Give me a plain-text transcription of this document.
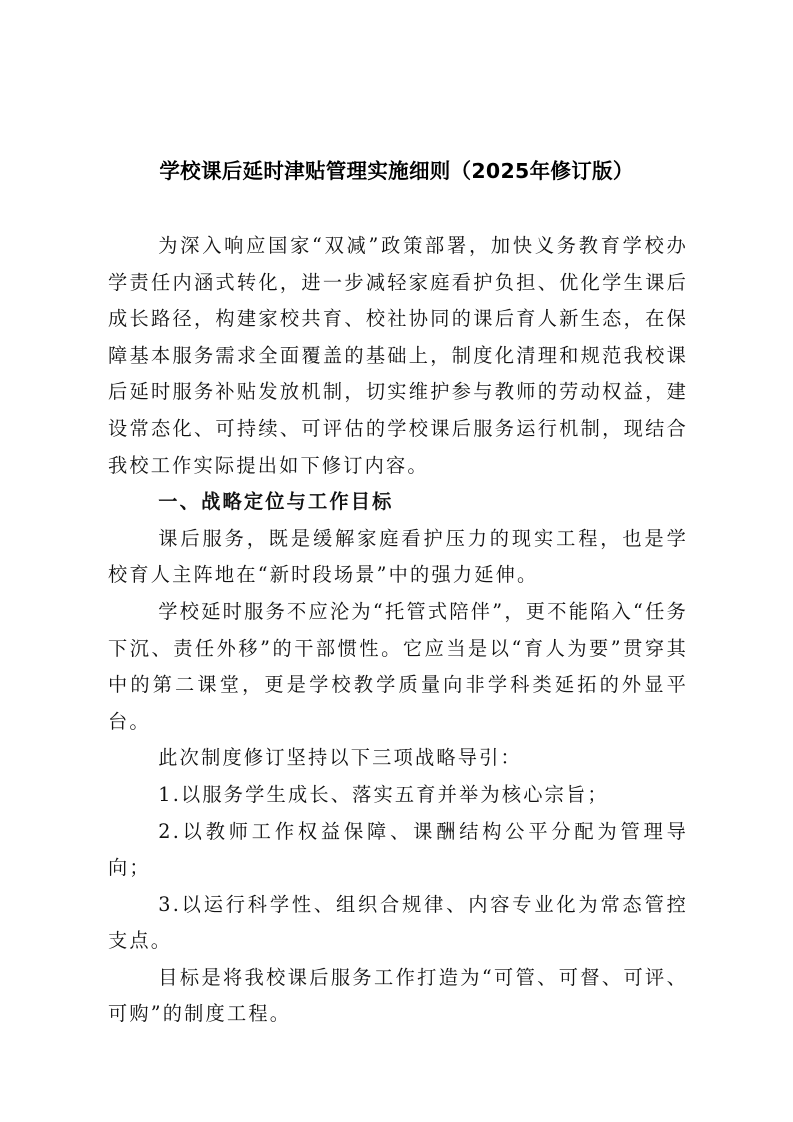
学校课后延时津贴管理实施细则（2025年修订版）

为深入响应国家“双减”政策部署，加快义务教育学校办学责任内涵式转化，进一步减轻家庭看护负担、优化学生课后成长路径，构建家校共育、校社协同的课后育人新生态，在保障基本服务需求全面覆盖的基础上，制度化清理和规范我校课后延时服务补贴发放机制，切实维护参与教师的劳动权益，建设常态化、可持续、可评估的学校课后服务运行机制，现结合我校工作实际提出如下修订内容。

一、战略定位与工作目标

课后服务，既是缓解家庭看护压力的现实工程，也是学校育人主阵地在“新时段场景”中的强力延伸。

学校延时服务不应沦为“托管式陪伴”，更不能陷入“任务下沉、责任外移”的干部惯性。它应当是以“育人为要”贯穿其中的第二课堂，更是学校教学质量向非学科类延拓的外显平台。

此次制度修订坚持以下三项战略导引：

1.以服务学生成长、落实五育并举为核心宗旨；

2.以教师工作权益保障、课酬结构公平分配为管理导向；

3.以运行科学性、组织合规律、内容专业化为常态管控支点。

目标是将我校课后服务工作打造为“可管、可督、可评、可购”的制度工程。
